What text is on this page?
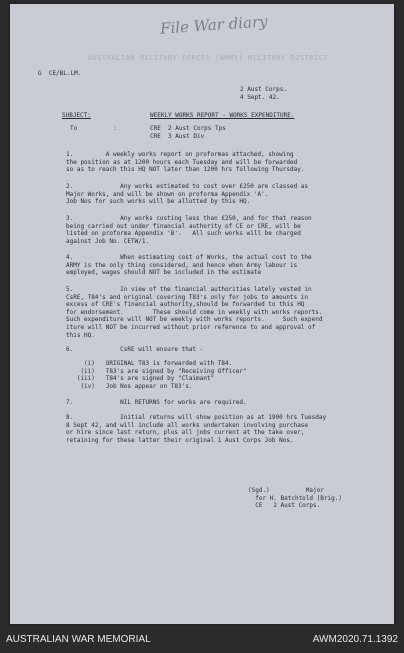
File War diary
AUSTRALIAN MILITARY FORCES (ARMY) MILITARY DISTRICT
G  CE/BL.LM.
2 Aust Corps.
4 Sept. 42.
SUBJECT:	WEEKLY WORKS REPORT - WORKS EXPENDITURE.
To          :	CRE  2 Aust Corps Tps
CRE  3 Aust Div
1.         A weekly works report on proformas attached, showing
the position as at 1200 hours each Tuesday and will be forwarded
so as to reach this HQ NOT later than 1200 hrs following Thursday.
2.             Any works estimated to cost over £250 are classed as
Major Works, and will be shown on proforma Appendix 'A'.
Job Nos for such works will be allotted by this HQ.
3.             Any works costing less than £250, and for that reason
being carried out under financial authority of CE or CRE, will be
listed on proforma Appendix 'B'.   All such works will be charged
against Job No. CETW/1.
4.             When estimating cost of Works, the actual cost to the
ARMY is the only thing considered, and hence when Army labour is
employed, wages should NOT be included in the estimate
5.             In view of the financial authorities lately vested in
CsRE, T84's and original covering T83's only for jobs to amounts in
excess of CRE's financial authority,should be forwarded to this HQ
for endorsement.        These should come in weekly with works reports.
Such expenditure will NOT be weekly with works reports.     Such expend
iture will NOT be incurred without prior reference to and approval of
this HQ.
6.             CsRE will ensure that -
(i)   ORIGINAL T83 is forwarded with T84.
(ii)   T83's are signed by "Receiving Officer"
(iii)   T84's are signed by "Claimant"
(iv)   Job Nos appear on T83's.
7.             NIL RETURNS for works are required.
8.             Initial returns will show position as at 1900 hrs Tuesday
8 Sept 42, and will include all works undertaken involving purchase
or hire since last return, plus all jobs current at the take over,
retaining for these latter their original 1 Aust Corps Job Nos.
(Sgd.)          Major
for H. Batchtold (Brig.)
CE   2 Aust Corps.
AUSTRALIAN WAR MEMORIAL	AWM2020.71.1392
